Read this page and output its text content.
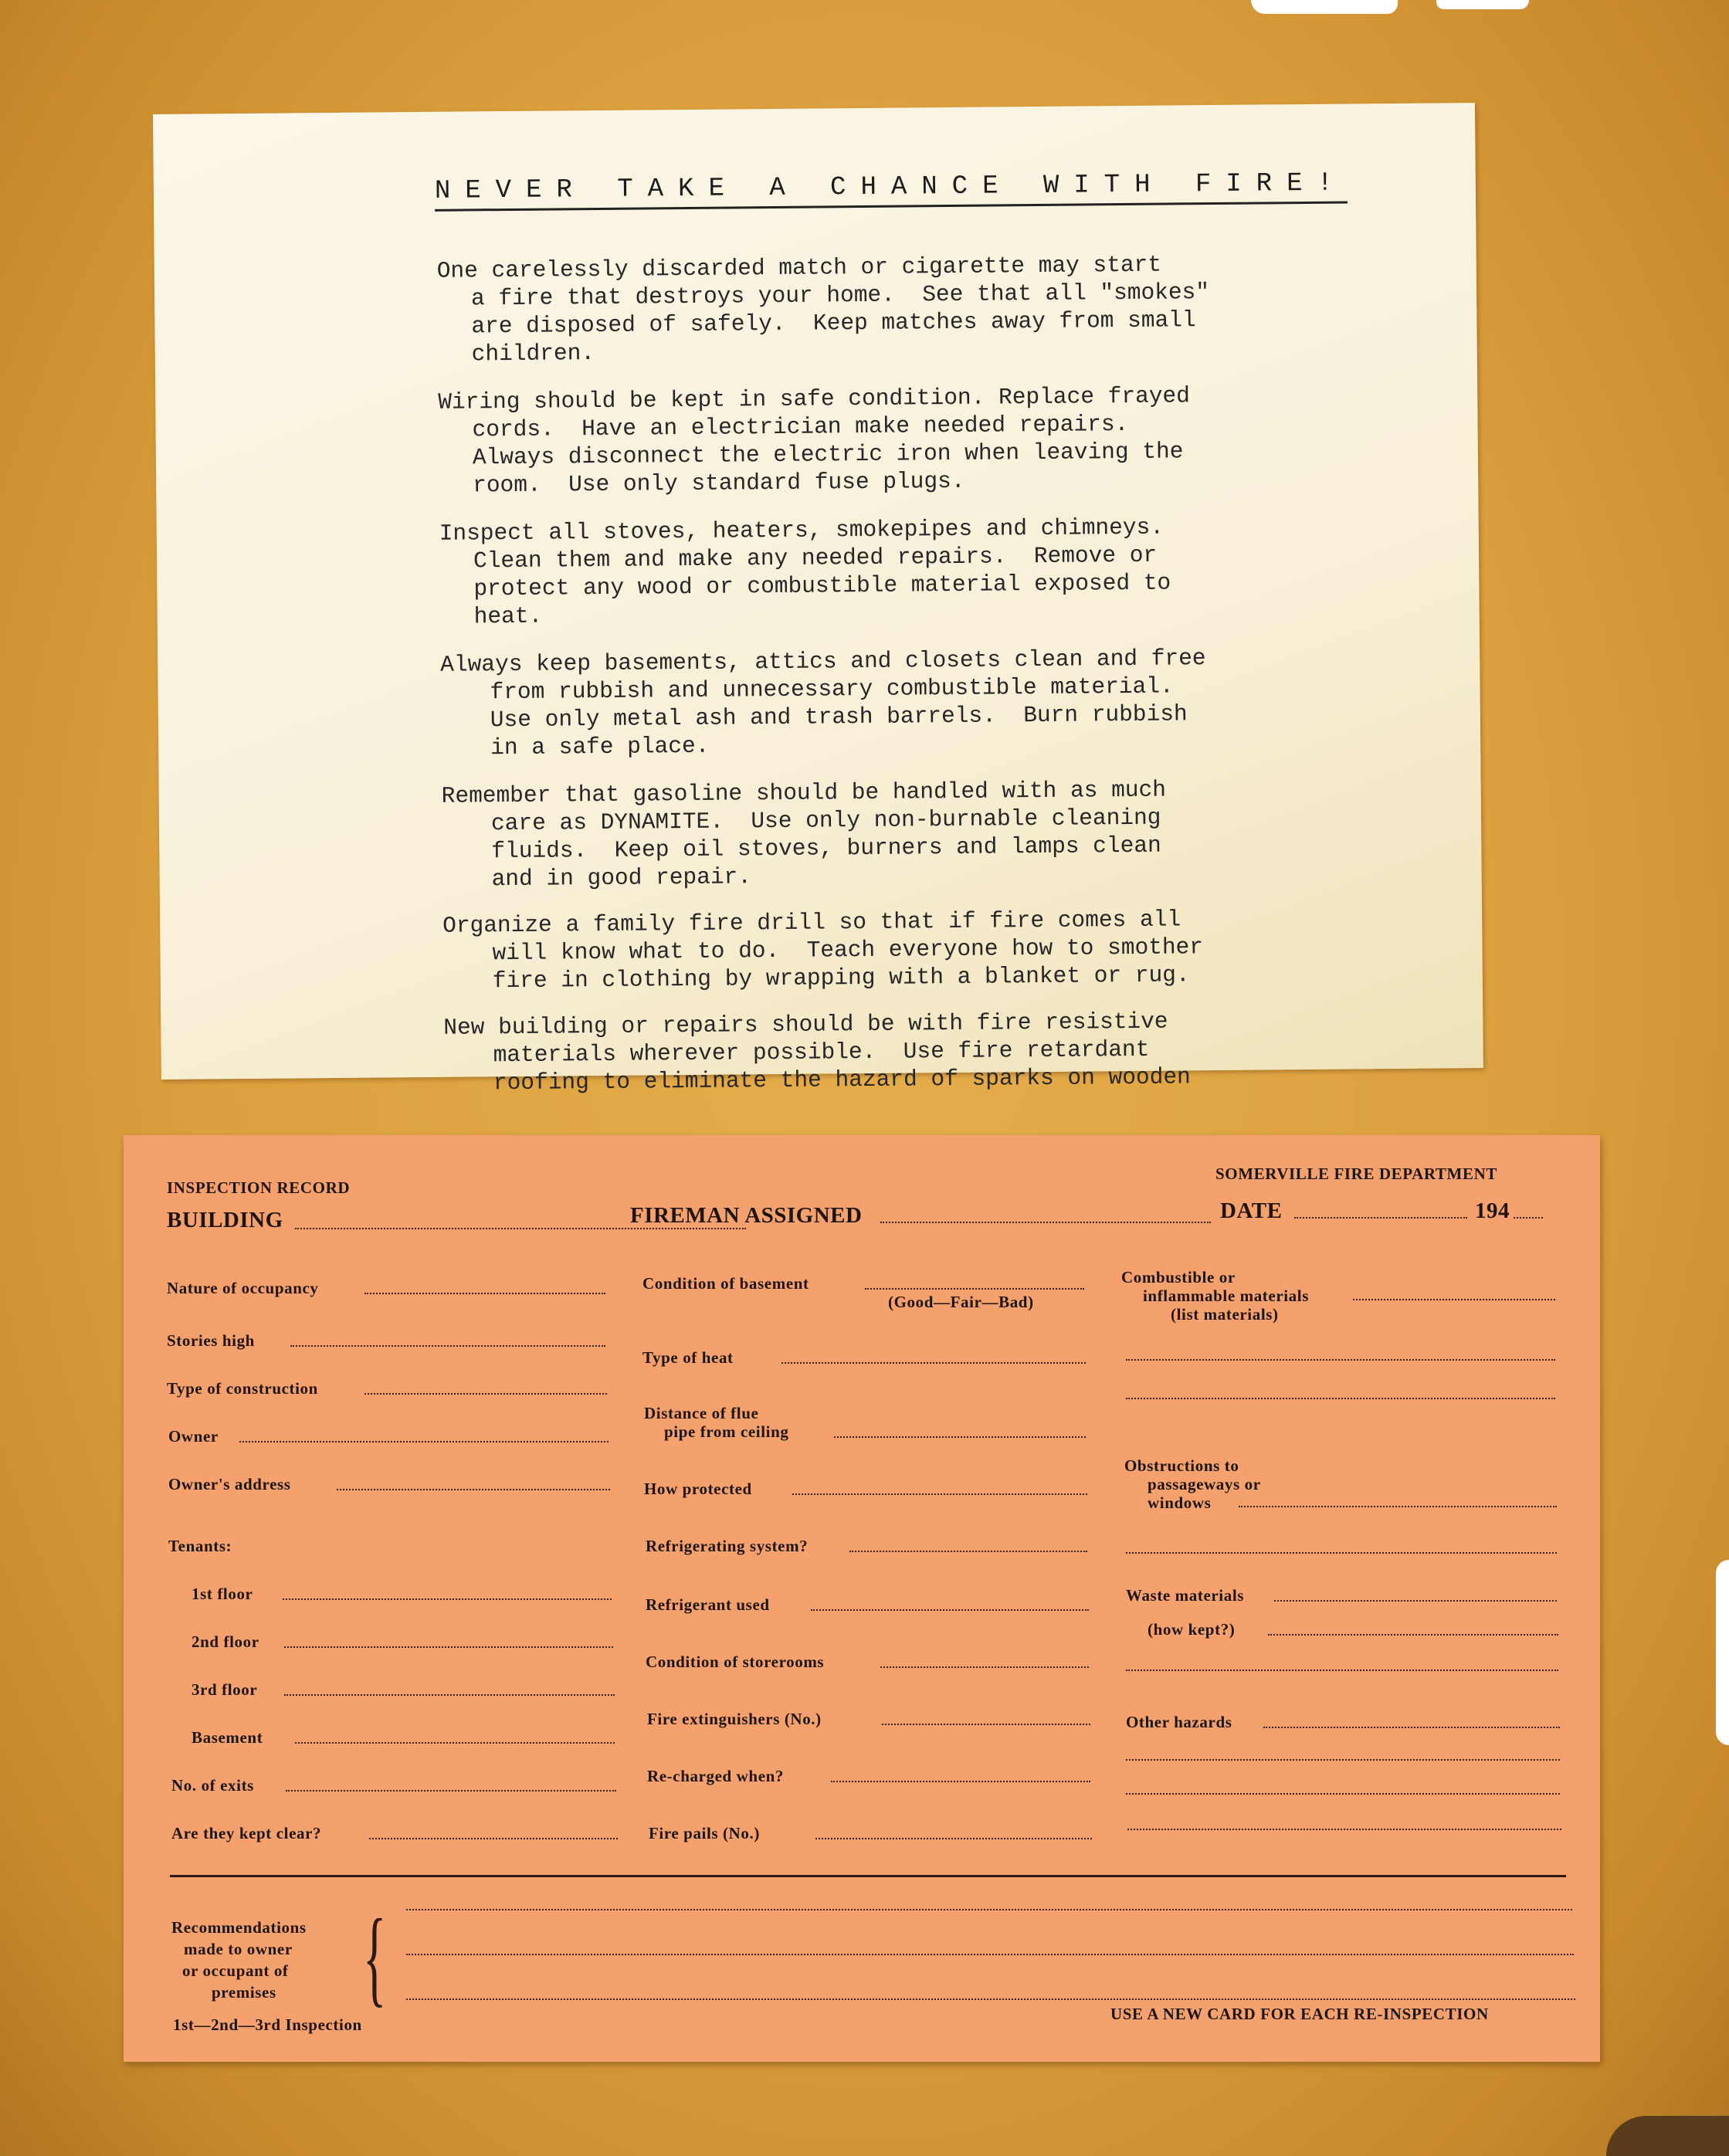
NEVER TAKE A CHANCE WITH FIRE!
One carelessly discarded match or cigarette may start
a fire that destroys your home.  See that all "smokes"
are disposed of safely.  Keep matches away from small
children.
Wiring should be kept in safe condition. Replace frayed
cords.  Have an electrician make needed repairs.
Always disconnect the electric iron when leaving the
room.  Use only standard fuse plugs.
Inspect all stoves, heaters, smokepipes and chimneys.
Clean them and make any needed repairs.  Remove or
protect any wood or combustible material exposed to
heat.
Always keep basements, attics and closets clean and free
from rubbish and unnecessary combustible material.
Use only metal ash and trash barrels.  Burn rubbish
in a safe place.
Remember that gasoline should be handled with as much
care as DYNAMITE.  Use only non-burnable cleaning
fluids.  Keep oil stoves, burners and lamps clean
and in good repair.
Organize a family fire drill so that if fire comes all
will know what to do.  Teach everyone how to smother
fire in clothing by wrapping with a blanket or rug.
New building or repairs should be with fire resistive
materials wherever possible.  Use fire retardant
roofing to eliminate the hazard of sparks on wooden
INSPECTION RECORD
SOMERVILLE FIRE DEPARTMENT
BUILDING	FIREMAN ASSIGNED	DATE	194
Nature of occupancy
Stories high
Type of construction
Owner
Owner's address
Tenants:
1st floor
2nd floor
3rd floor
Basement
No. of exits
Are they kept clear?
Condition of basement
(Good—Fair—Bad)
Type of heat
Distance of flue
pipe from ceiling
How protected
Refrigerating system?
Refrigerant used
Condition of storerooms
Fire extinguishers (No.)
Re-charged when?
Fire pails (No.)
Combustible or
inflammable materials
(list materials)
Obstructions to
passageways or
windows
Waste materials
(how kept?)
Other hazards
Recommendations
made to owner
or occupant of
premises {
1st—2nd—3rd Inspection
USE A NEW CARD FOR EACH RE-INSPECTION
